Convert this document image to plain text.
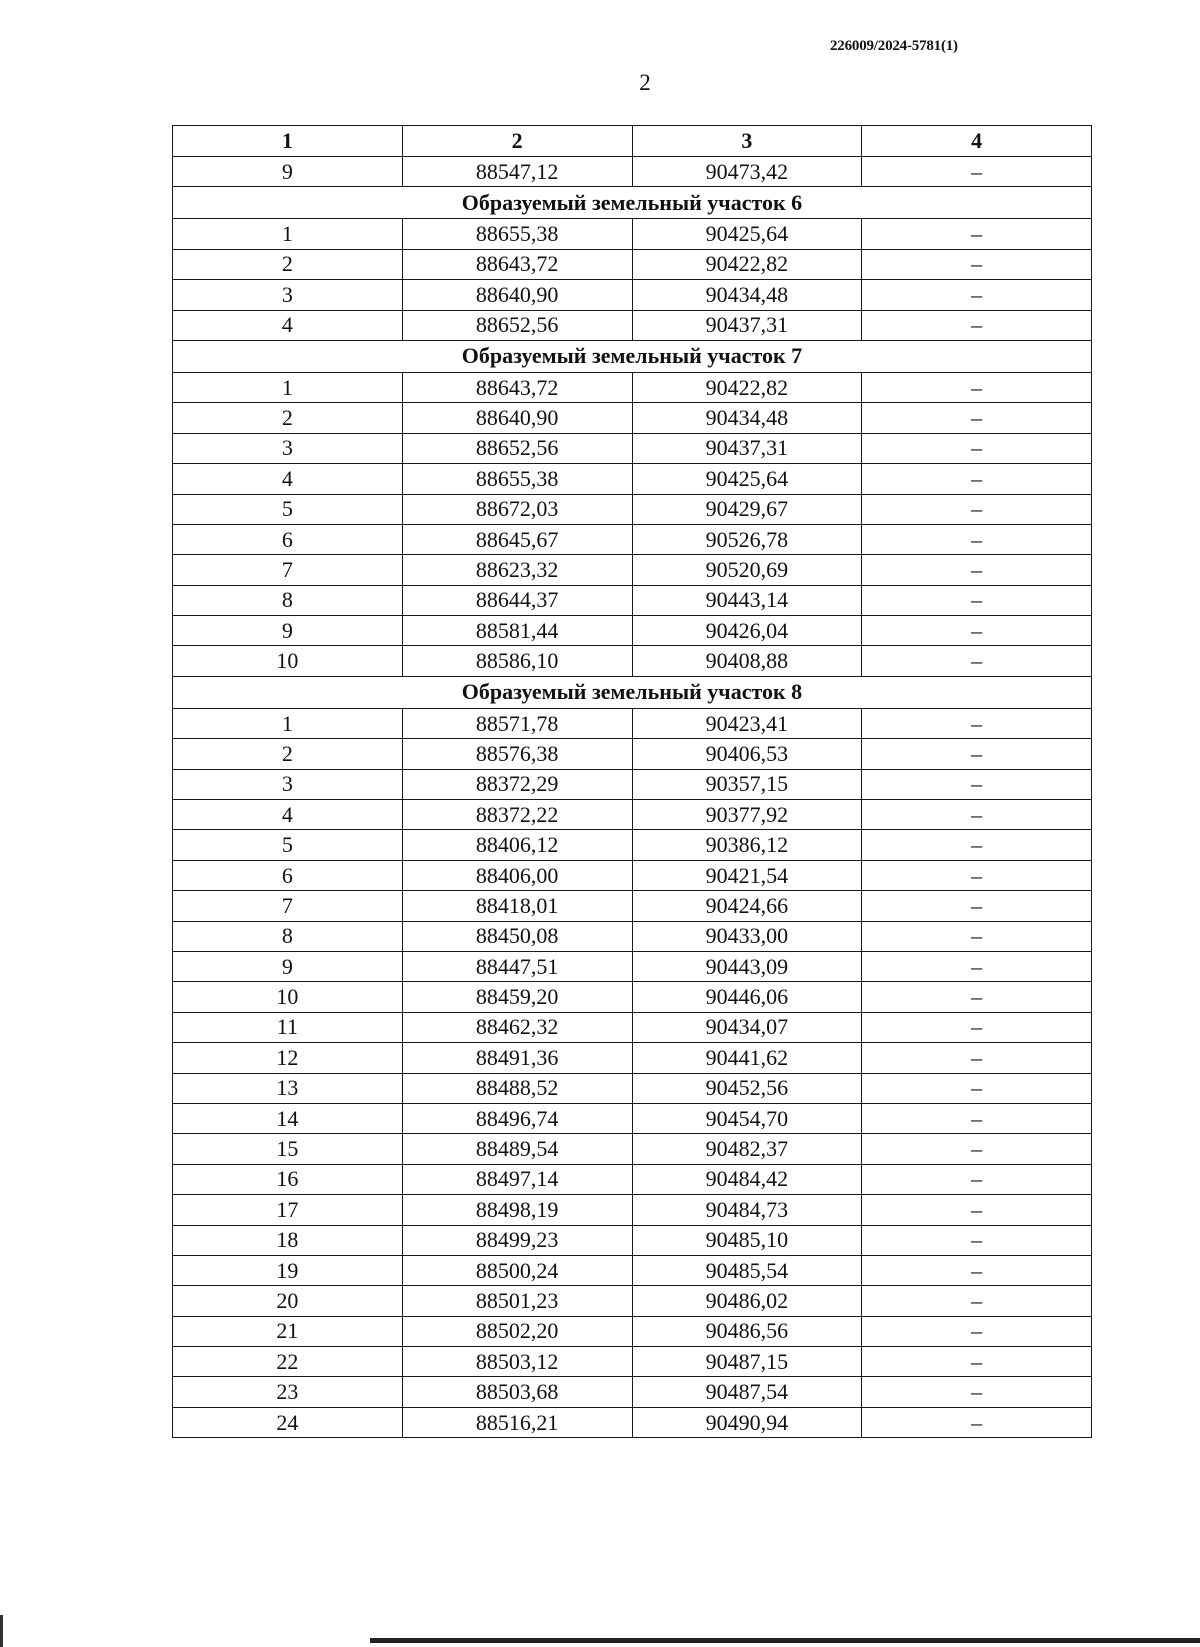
226009/2024-5781(1)
2
1	2	3	4
9	88547,12	90473,42	–
Образуемый земельный участок 6			
1	88655,38	90425,64	–
2	88643,72	90422,82	–
3	88640,90	90434,48	–
4	88652,56	90437,31	–
Образуемый земельный участок 7			
1	88643,72	90422,82	–
2	88640,90	90434,48	–
3	88652,56	90437,31	–
4	88655,38	90425,64	–
5	88672,03	90429,67	–
6	88645,67	90526,78	–
7	88623,32	90520,69	–
8	88644,37	90443,14	–
9	88581,44	90426,04	–
10	88586,10	90408,88	–
Образуемый земельный участок 8			
1	88571,78	90423,41	–
2	88576,38	90406,53	–
3	88372,29	90357,15	–
4	88372,22	90377,92	–
5	88406,12	90386,12	–
6	88406,00	90421,54	–
7	88418,01	90424,66	–
8	88450,08	90433,00	–
9	88447,51	90443,09	–
10	88459,20	90446,06	–
11	88462,32	90434,07	–
12	88491,36	90441,62	–
13	88488,52	90452,56	–
14	88496,74	90454,70	–
15	88489,54	90482,37	–
16	88497,14	90484,42	–
17	88498,19	90484,73	–
18	88499,23	90485,10	–
19	88500,24	90485,54	–
20	88501,23	90486,02	–
21	88502,20	90486,56	–
22	88503,12	90487,15	–
23	88503,68	90487,54	–
24	88516,21	90490,94	–
